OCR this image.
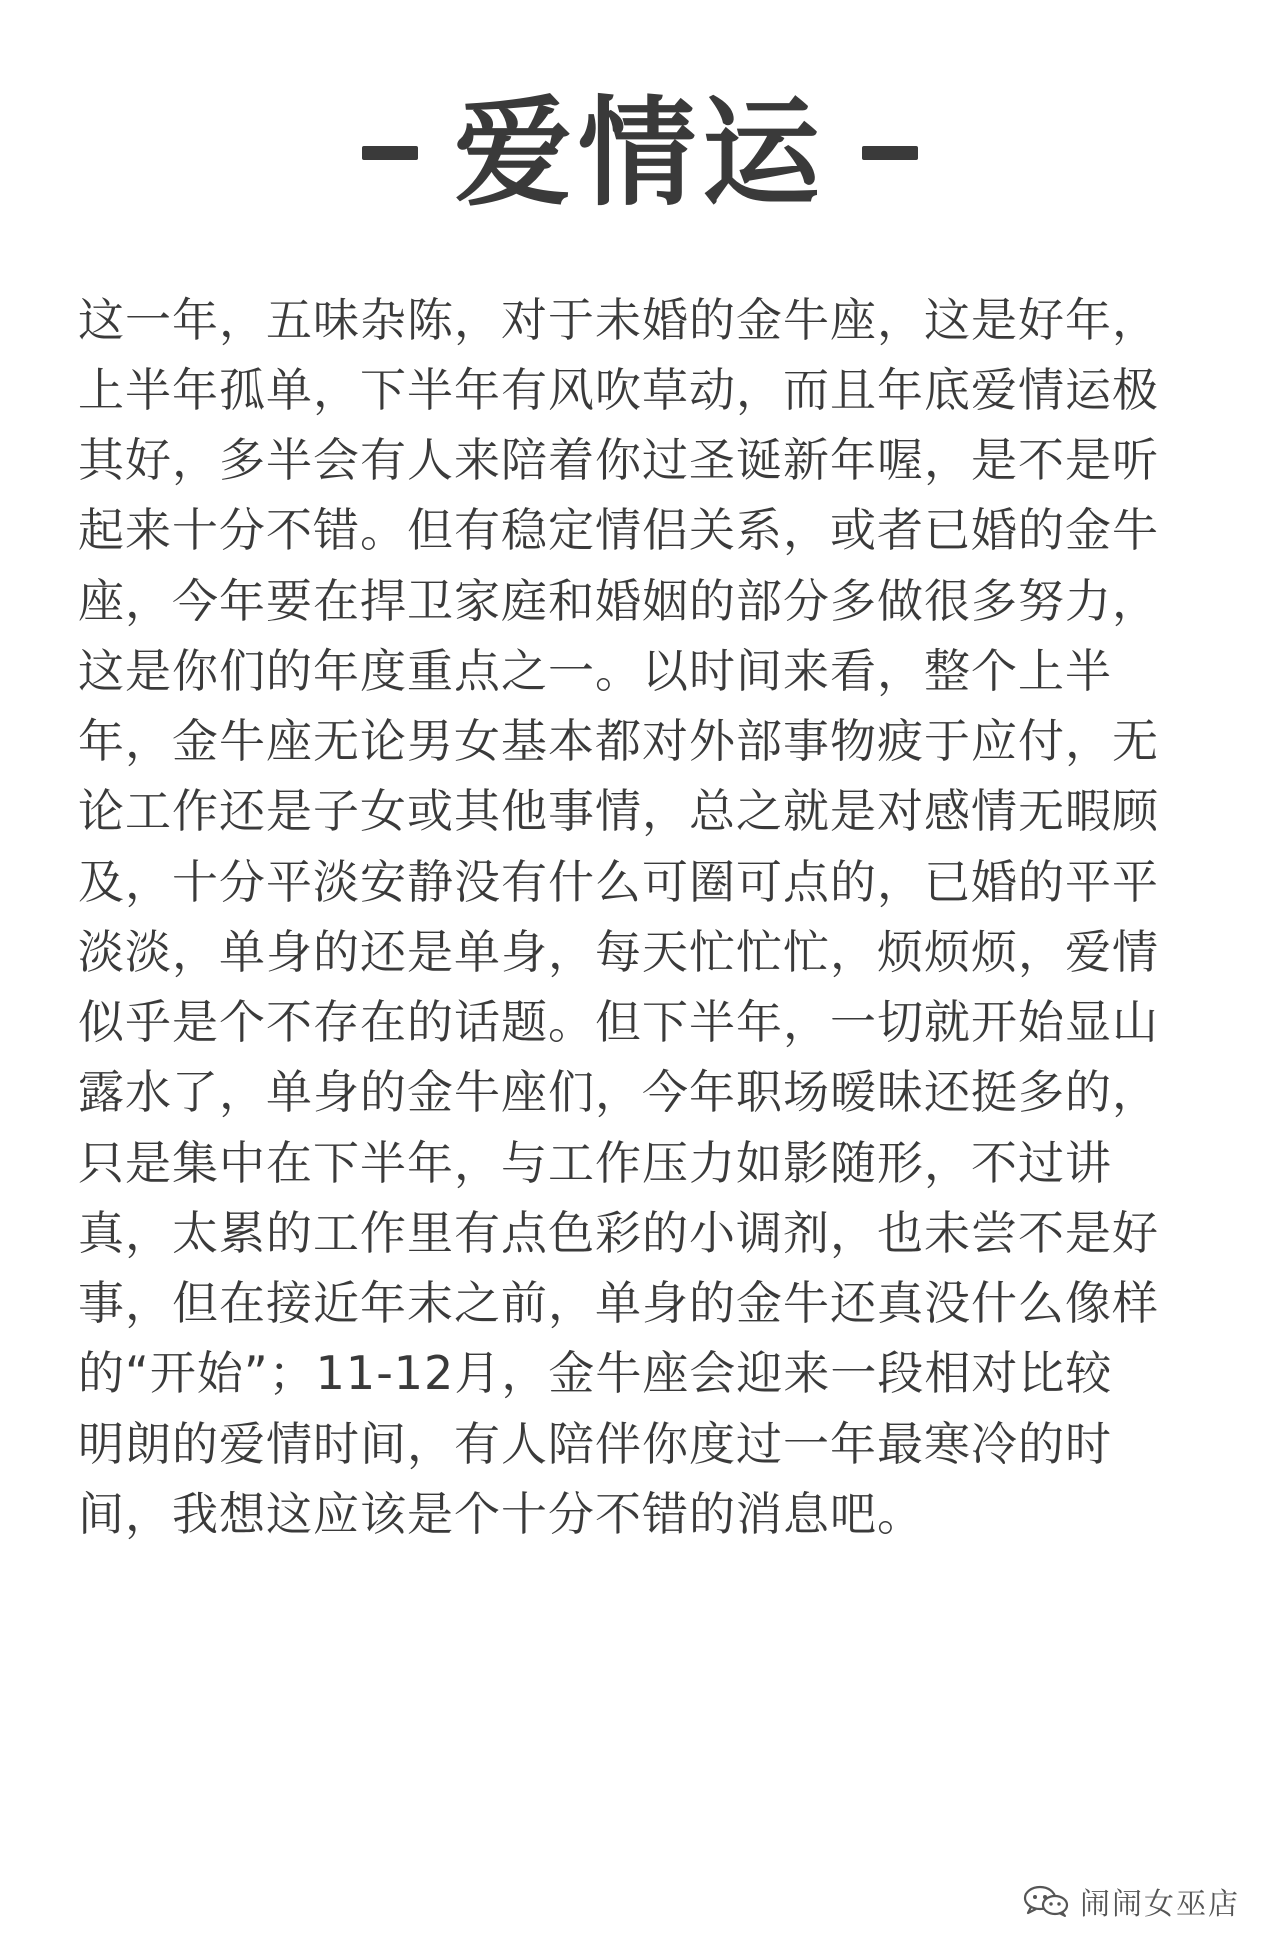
爱情运
这一年，五味杂陈，对于未婚的金牛座，这是好年，
上半年孤单，下半年有风吹草动，而且年底爱情运极
其好，多半会有人来陪着你过圣诞新年喔，是不是听
起来十分不错。但有稳定情侣关系，或者已婚的金牛
座，今年要在捍卫家庭和婚姻的部分多做很多努力，
这是你们的年度重点之一。以时间来看，整个上半
年，金牛座无论男女基本都对外部事物疲于应付，无
论工作还是子女或其他事情，总之就是对感情无暇顾
及，十分平淡安静没有什么可圈可点的，已婚的平平
淡淡，单身的还是单身，每天忙忙忙，烦烦烦，爱情
似乎是个不存在的话题。但下半年，一切就开始显山
露水了，单身的金牛座们，今年职场暧昧还挺多的，
只是集中在下半年，与工作压力如影随形，不过讲
真，太累的工作里有点色彩的小调剂，也未尝不是好
事，但在接近年末之前，单身的金牛还真没什么像样
的“开始”；11-12月，金牛座会迎来一段相对比较
明朗的爱情时间，有人陪伴你度过一年最寒冷的时
间，我想这应该是个十分不错的消息吧。
闹闹女巫店
